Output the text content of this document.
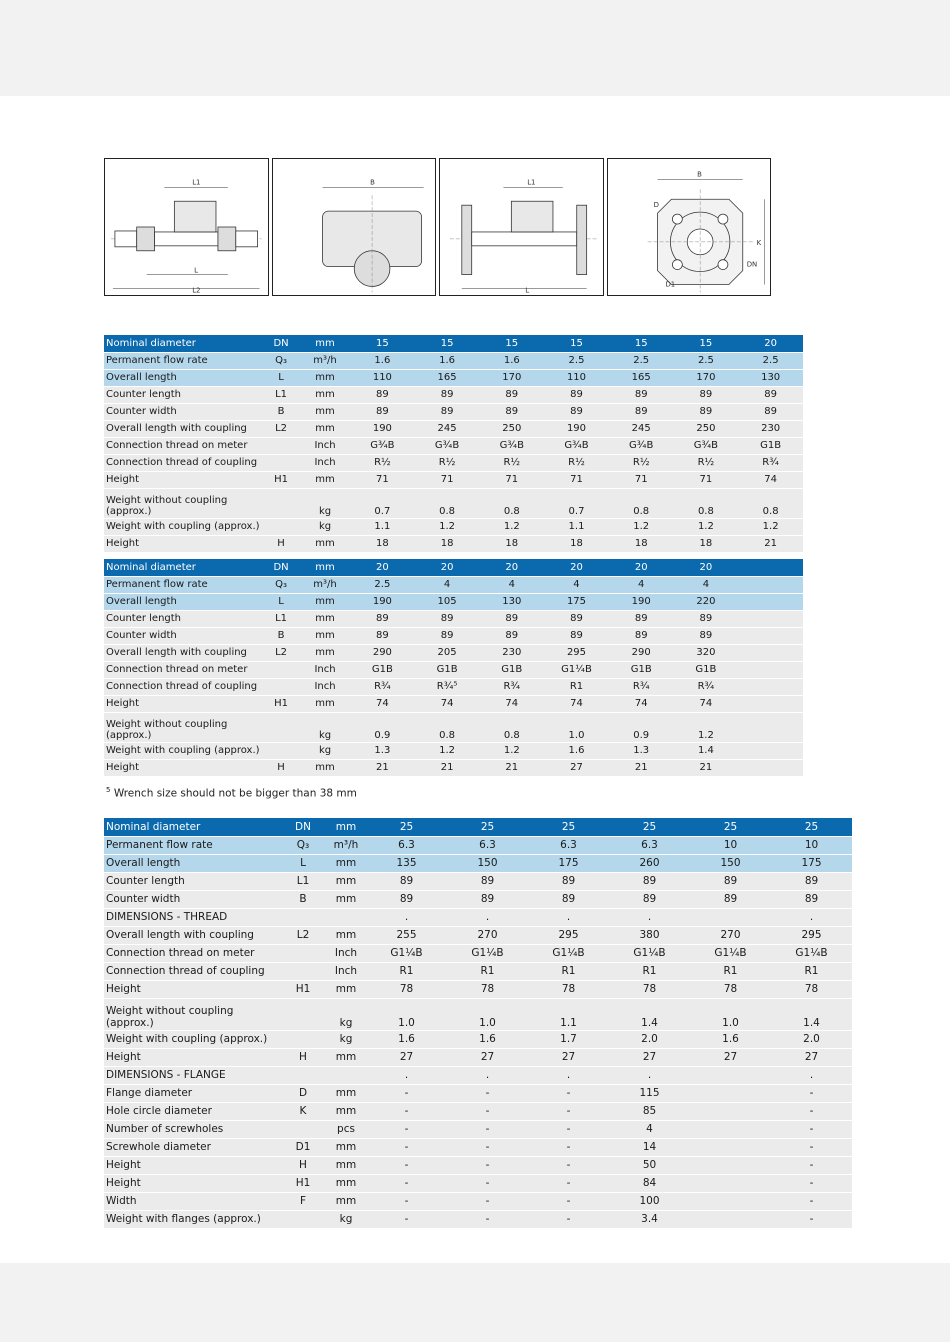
L1
L
L2
B	L1
L
B
D
K
DN
D1
Nominal diameter	DN	mm	15	15	15	15	15	15	20
Permanent flow rate	Q₃	m³/h	1.6	1.6	1.6	2.5	2.5	2.5	2.5
Overall length	L	mm	110	165	170	110	165	170	130
Counter length	L1	mm	89	89	89	89	89	89	89
Counter width	B	mm	89	89	89	89	89	89	89
Overall length with coupling	L2	mm	190	245	250	190	245	250	230
Connection thread on meter		Inch	G¾B	G¾B	G¾B	G¾B	G¾B	G¾B	G1B
Connection thread of coupling		Inch	R½	R½	R½	R½	R½	R½	R¾
Height	H1	mm	71	71	71	71	71	71	74
Weight without coupling (approx.)		kg	0.7	0.8	0.8	0.7	0.8	0.8	0.8
Weight with coupling (approx.)		kg	1.1	1.2	1.2	1.1	1.2	1.2	1.2
Height	H	mm	18	18	18	18	18	18	21
Nominal diameter	DN	mm	20	20	20	20	20	20	
Permanent flow rate	Q₃	m³/h	2.5	4	4	4	4	4	
Overall length	L	mm	190	105	130	175	190	220	
Counter length	L1	mm	89	89	89	89	89	89	
Counter width	B	mm	89	89	89	89	89	89	
Overall length with coupling	L2	mm	290	205	230	295	290	320	
Connection thread on meter		Inch	G1B	G1B	G1B	G1¼B	G1B	G1B	
Connection thread of coupling		Inch	R¾	R¾⁵	R¾	R1	R¾	R¾	
Height	H1	mm	74	74	74	74	74	74	
Weight without coupling (approx.)		kg	0.9	0.8	0.8	1.0	0.9	1.2	
Weight with coupling (approx.)		kg	1.3	1.2	1.2	1.6	1.3	1.4	
Height	H	mm	21	21	21	27	21	21	
$^5$ Wrench size should not be bigger than 38 mm
Nominal diameter	DN	mm	25	25	25	25	25	25
Permanent flow rate	Q₃	m³/h	6.3	6.3	6.3	6.3	10	10
Overall length	L	mm	135	150	175	260	150	175
Counter length	L1	mm	89	89	89	89	89	89
Counter width	B	mm	89	89	89	89	89	89
DIMENSIONS - THREAD			.	.	.	.		.
Overall length with coupling	L2	mm	255	270	295	380	270	295
Connection thread on meter		Inch	G1¼B	G1¼B	G1¼B	G1¼B	G1¼B	G1¼B
Connection thread of coupling		Inch	R1	R1	R1	R1	R1	R1
Height	H1	mm	78	78	78	78	78	78
Weight without coupling (approx.)		kg	1.0	1.0	1.1	1.4	1.0	1.4
Weight with coupling (approx.)		kg	1.6	1.6	1.7	2.0	1.6	2.0
Height	H	mm	27	27	27	27	27	27
DIMENSIONS - FLANGE			.	.	.	.		.
Flange diameter	D	mm	-	-	-	115		-
Hole circle diameter	K	mm	-	-	-	85		-
Number of screwholes		pcs	-	-	-	4		-
Screwhole diameter	D1	mm	-	-	-	14		-
Height	H	mm	-	-	-	50		-
Height	H1	mm	-	-	-	84		-
Width	F	mm	-	-	-	100		-
Weight with flanges (approx.)		kg	-	-	-	3.4		-
